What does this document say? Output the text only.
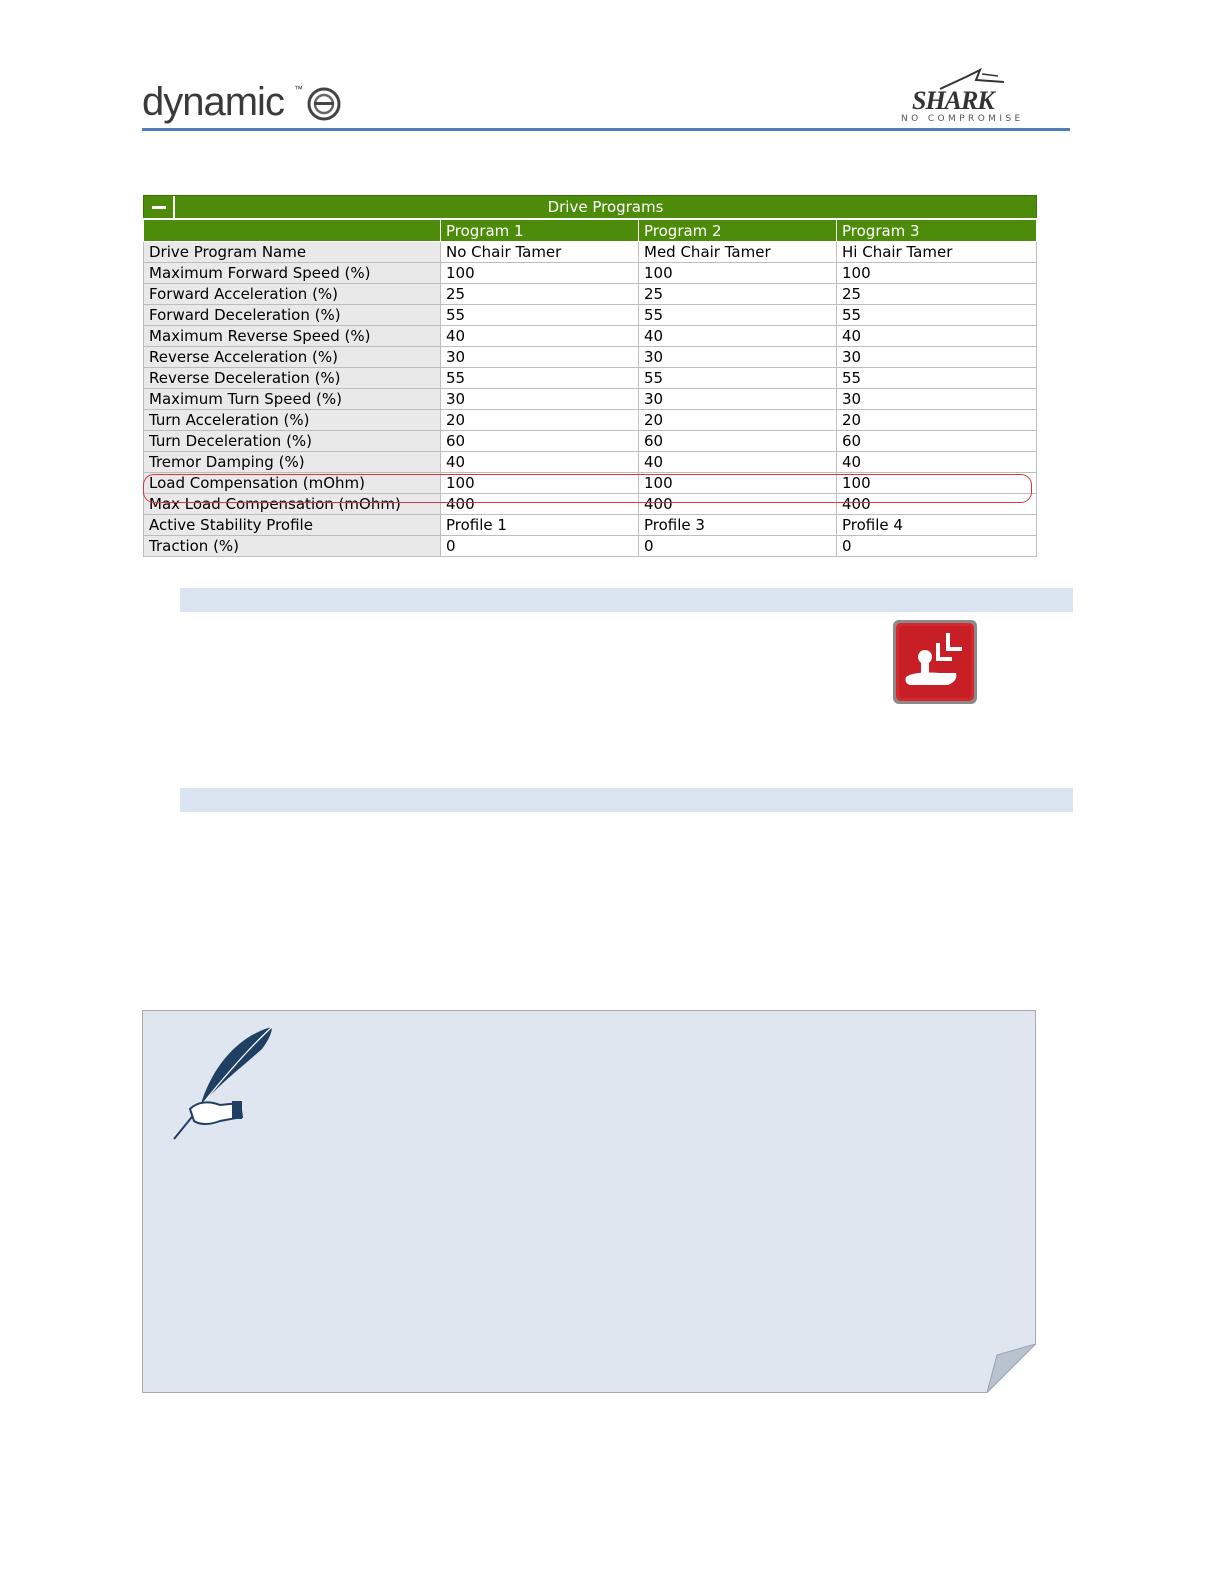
dynamic ™	SHARK
NO COMPROMISE
Drive Programs			

	Program 1	Program 2	Program 3
Drive Program Name	No Chair Tamer	Med Chair Tamer	Hi Chair Tamer
Maximum Forward Speed (%)	100	100	100
Forward Acceleration (%)	25	25	25
Forward Deceleration (%)	55	55	55
Maximum Reverse Speed (%)	40	40	40
Reverse Acceleration (%)	30	30	30
Reverse Deceleration (%)	55	55	55
Maximum Turn Speed (%)	30	30	30
Turn Acceleration (%)	20	20	20
Turn Deceleration (%)	60	60	60
Tremor Damping (%)	40	40	40
Load Compensation (mOhm)	100	100	100
Max Load Compensation (mOhm)	400	400	400
Active Stability Profile	Profile 1	Profile 3	Profile 4
Traction (%)	0	0	0
